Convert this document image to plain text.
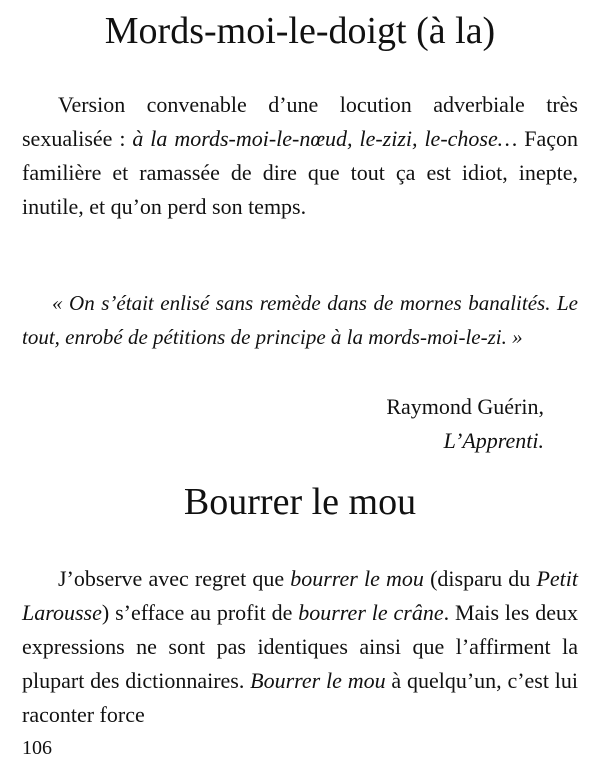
Mords-moi-le-doigt (à la)

Version convenable d’une locution adverbiale très sexualisée : à la mords-moi-le-nœud, le-zizi, le-chose… Façon familière et ramassée de dire que tout ça est idiot, inepte, inutile, et qu’on perd son temps.

« On s’était enlisé sans remède dans de mornes banalités. Le tout, enrobé de pétitions de principe à la mords-moi-le-zi. »

Raymond Guérin,
L’Apprenti.
Bourrer le mou

J’observe avec regret que bourrer le mou (disparu du Petit Larousse) s’efface au profit de bourrer le crâne. Mais les deux expressions ne sont pas identiques ainsi que l’affirment la plupart des dictionnaires. Bourrer le mou à quelqu’un, c’est lui raconter force

106
